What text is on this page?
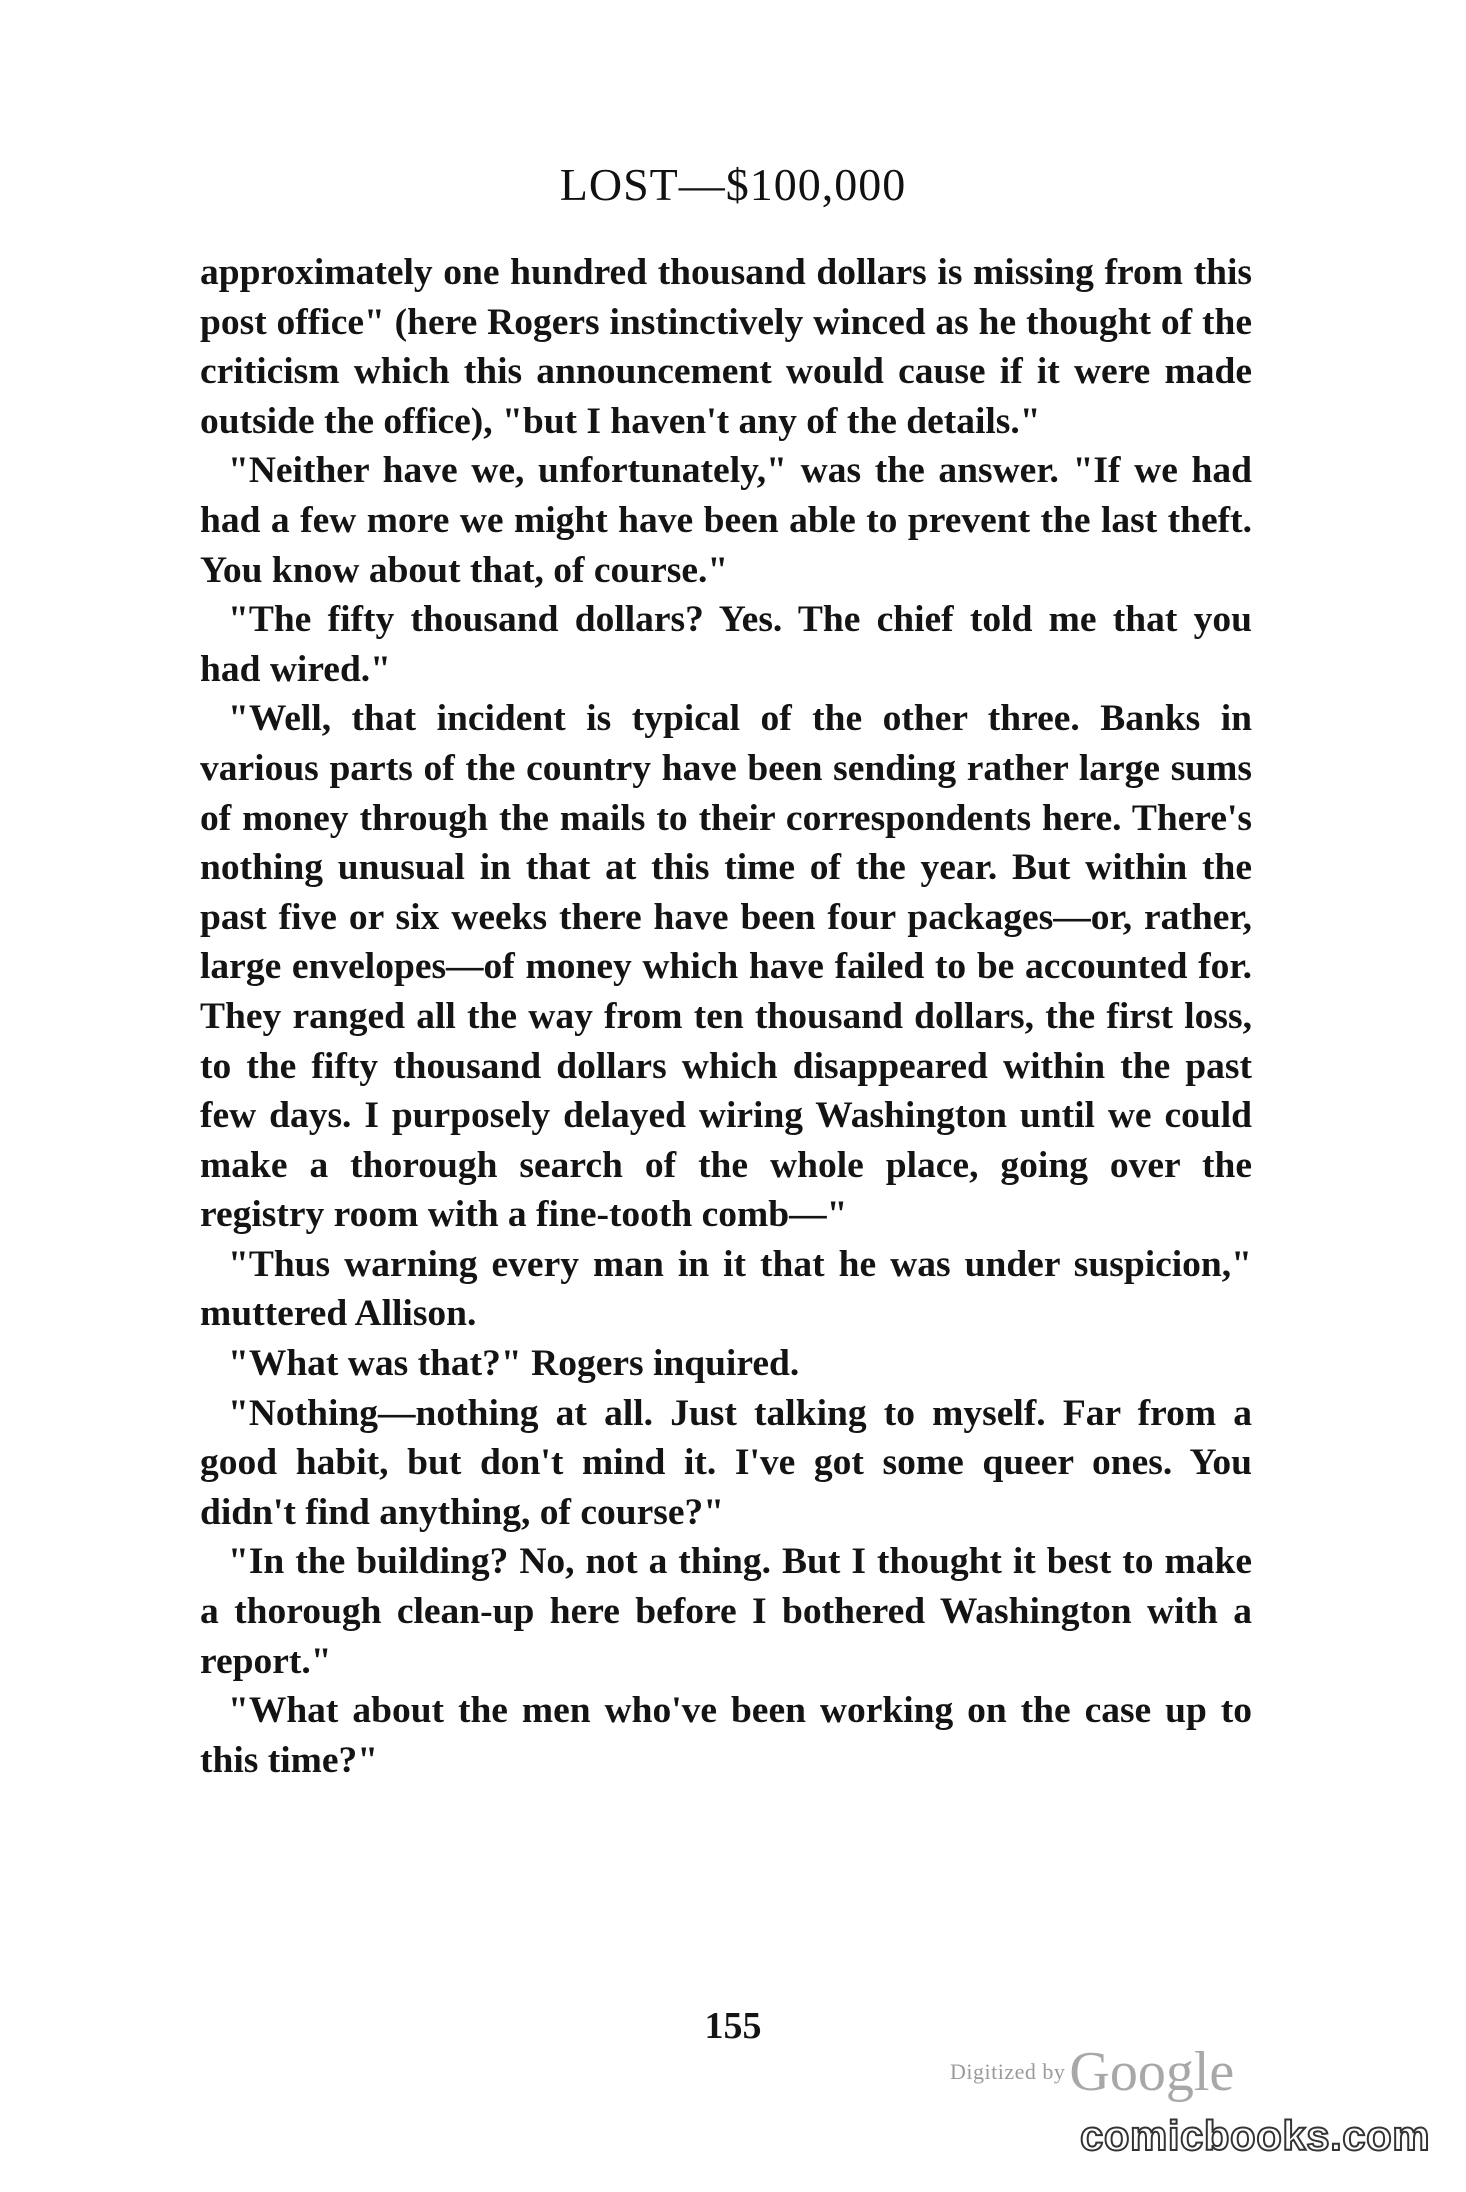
LOST—$100,000

approximately one hundred thousand dollars is missing from this post office" (here Rogers instinctively winced as he thought of the criticism which this announcement would cause if it were made outside the office), "but I haven't any of the details."

"Neither have we, unfortunately," was the answer. "If we had had a few more we might have been able to prevent the last theft. You know about that, of course."

"The fifty thousand dollars? Yes. The chief told me that you had wired."

"Well, that incident is typical of the other three. Banks in various parts of the country have been sending rather large sums of money through the mails to their correspondents here. There's nothing unusual in that at this time of the year. But within the past five or six weeks there have been four packages—or, rather, large envelopes—of money which have failed to be accounted for. They ranged all the way from ten thousand dollars, the first loss, to the fifty thousand dollars which disappeared within the past few days. I purposely delayed wiring Washington until we could make a thorough search of the whole place, going over the registry room with a fine-tooth comb—"

"Thus warning every man in it that he was under suspicion," muttered Allison.

"What was that?" Rogers inquired.

"Nothing—nothing at all. Just talking to myself. Far from a good habit, but don't mind it. I've got some queer ones. You didn't find anything, of course?"

"In the building? No, not a thing. But I thought it best to make a thorough clean-up here before I bothered Washington with a report."

"What about the men who've been working on the case up to this time?"

155
Digitized by Google
comicbooks.com
